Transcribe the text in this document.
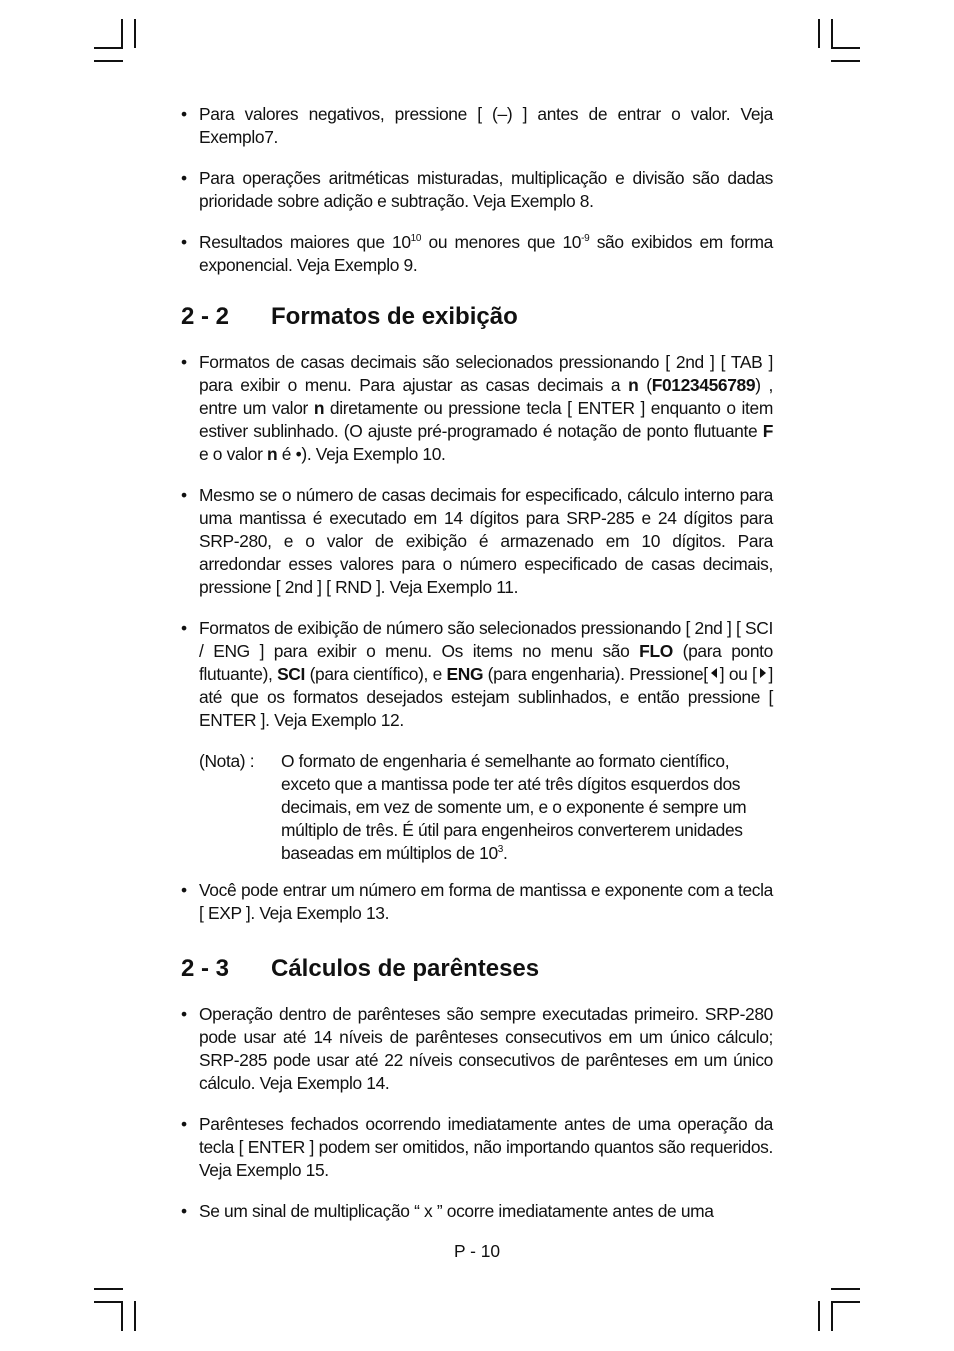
• Para valores negativos, pressione [ (–) ] antes de entrar o valor. Veja Exemplo7.

• Para operações aritméticas misturadas, multiplicação e divisão são dadas prioridade sobre adição e subtração. Veja Exemplo 8.

• Resultados maiores que $10^{10}$ ou menores que $10^{-9}$ são exibidos em forma exponencial. Veja Exemplo 9.

2 - 2	Formatos de exibição

• Formatos de casas decimais são selecionados pressionando [ 2nd ] [ TAB ] para exibir o menu. Para ajustar as casas decimais a n (F0123456789) , entre um valor n diretamente ou pressione tecla [ ENTER ] enquanto o item estiver sublinhado. (O ajuste pré-programado é notação de ponto flutuante F e o valor n é •). Veja Exemplo 10.

• Mesmo se o número de casas decimais for especificado, cálculo interno para uma mantissa é executado em 14 dígitos para SRP-285 e 24 dígitos para SRP-280, e o valor de exibição é armazenado em 10 dígitos. Para arredondar esses valores para o número especificado de casas decimais, pressione [ 2nd ] [ RND ]. Veja Exemplo 11.

• Formatos de exibição de número são selecionados pressionando [ 2nd ] [ SCI / ENG ] para exibir o menu. Os items no menu são FLO (para ponto flutuante), SCI (para científico), e ENG (para engenharia). Pressione[ ] ou [ ] até que os formatos desejados estejam sublinhados, e então pressione [ ENTER ]. Veja Exemplo 12.

(Nota) : O formato de engenharia é semelhante ao formato científico, exceto que a mantissa pode ter até três dígitos esquerdos dos decimais, em vez de somente um, e o exponente é sempre um múltiplo de três. É útil para engenheiros converterem unidades baseadas em múltiplos de $10^3$.

• Você pode entrar um número em forma de mantissa e exponente com a tecla [ EXP ]. Veja Exemplo 13.

2 - 3	Cálculos de parênteses

• Operação dentro de parênteses são sempre executadas primeiro. SRP-280 pode usar até 14 níveis de parênteses consecutivos em um único cálculo; SRP-285 pode usar até 22 níveis consecutivos de parênteses em um único cálculo. Veja Exemplo 14.

• Parênteses fechados ocorrendo imediatamente antes de uma operação da tecla [ ENTER ] podem ser omitidos, não importando quantos são requeridos. Veja Exemplo 15.

• Se um sinal de multiplicação “ x ” ocorre imediatamente antes de uma

P - 10
